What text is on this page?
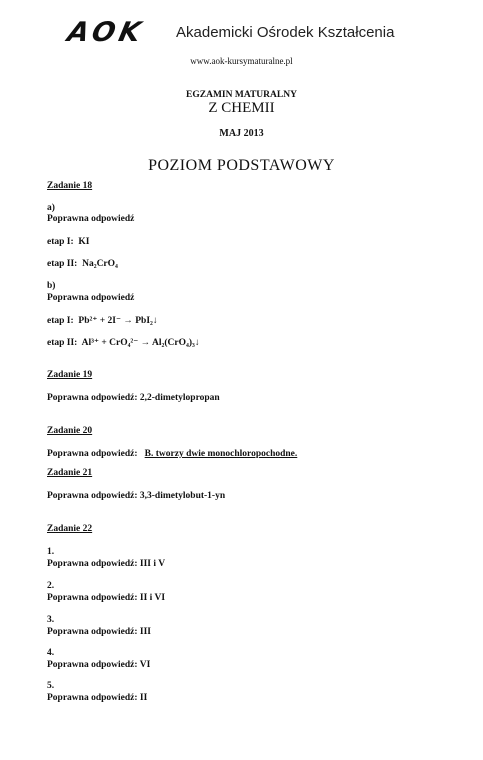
AOK Akademicki Ośrodek Kształcenia
www.aok-kursymaturalne.pl
EGZAMIN MATURALNY
Z CHEMII
MAJ 2013
POZIOM PODSTAWOWY
Zadanie 18
a)
Poprawna odpowiedź
etap I: KI
etap II: Na₂CrO₄
b)
Poprawna odpowiedź
etap I: Pb²⁺ + 2I⁻ → PbI₂↓
etap II: Al³⁺ + CrO₄²⁻ → Al₂(CrO₄)₃↓
Zadanie 19
Poprawna odpowiedź: 2,2-dimetylopropan
Zadanie 20
Poprawna odpowiedź: B. tworzy dwie monochloropochodne.
Zadanie 21
Poprawna odpowiedź: 3,3-dimetylobut-1-yn
Zadanie 22
1.
Poprawna odpowiedź: III i V
2.
Poprawna odpowiedź: II i VI
3.
Poprawna odpowiedź: III
4.
Poprawna odpowiedź: VI
5.
Poprawna odpowiedź: II
